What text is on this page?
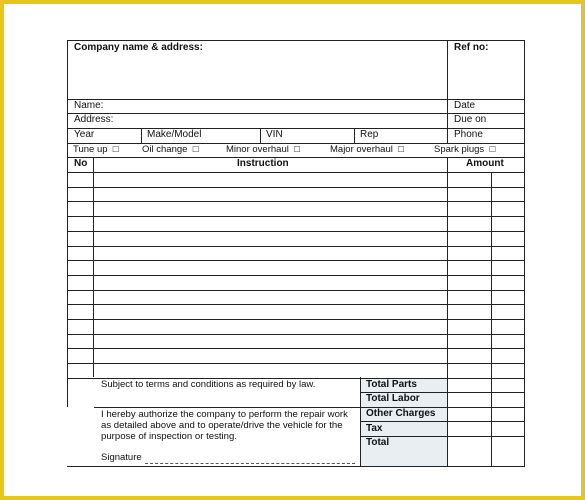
Company name & address:	Ref no:
Name:	Date
Address:	Due on
Year	Make/Model	VIN	Rep	Phone
Tune up □ Oil change □	Minor overhaul □	Major overhaul □	Spark plugs □
No	Instruction	Amount
Subject to terms and conditions as required by law.
I hereby authorize the company to perform the repair work as detailed above and to operate/drive the vehicle for the purpose of inspection or testing.
Signature
Total Parts
Total Labor
Other Charges
Tax
Total
